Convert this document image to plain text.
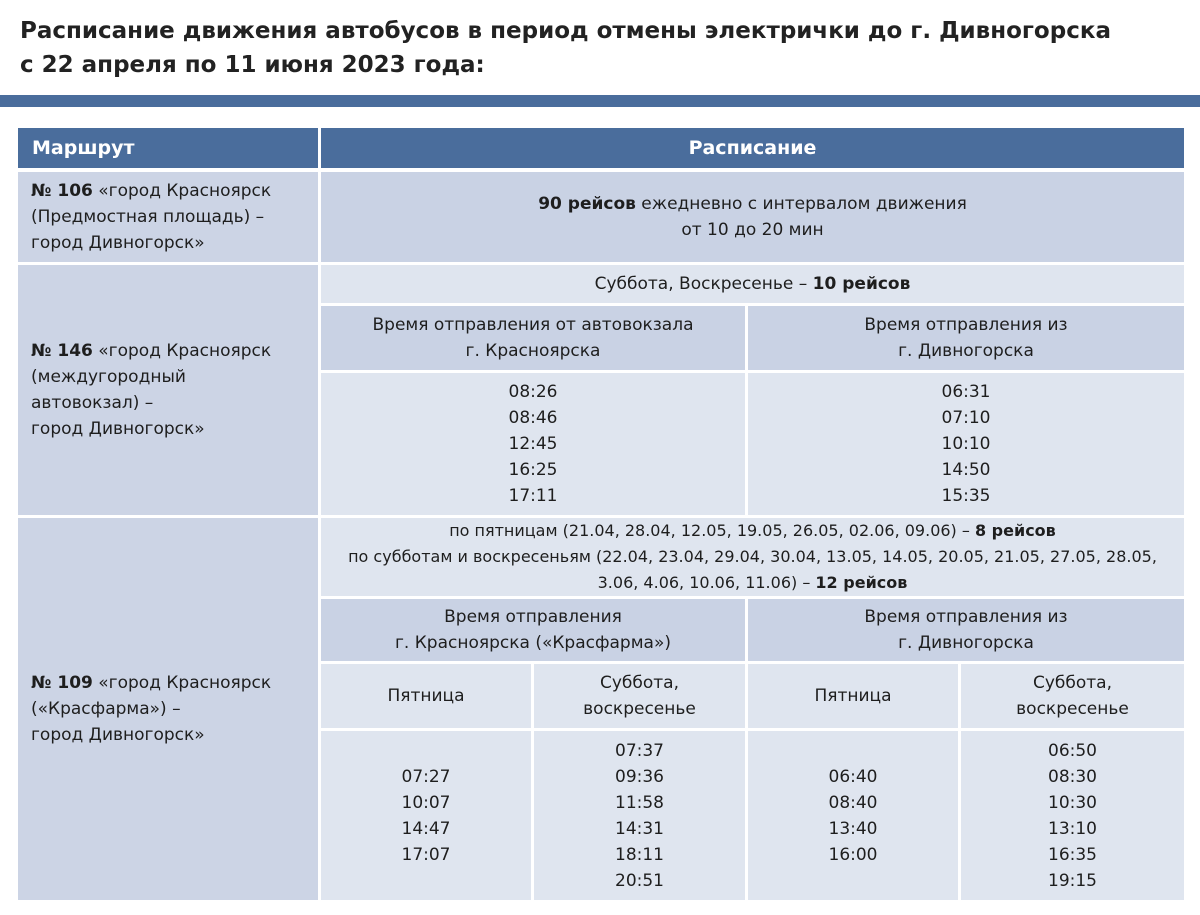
Расписание движения автобусов в период отмены электрички до г. Дивногорска
с 22 апреля по 11 июня 2023 года:
Маршрут	Расписание
№ 106 «город Красноярск
(Предмостная площадь) –
город Дивногорск»
90 рейсов ежедневно с интервалом движения
от 10 до 20 мин
№ 146 «город Красноярск
(междугородный
автовокзал) –
город Дивногорск»
Суббота, Воскресенье – 10 рейсов
Время отправления от автовокзала
г. Красноярска
Время отправления из
г. Дивногорска
08:26
08:46
12:45
16:25
17:11
06:31
07:10
10:10
14:50
15:35
№ 109 «город Красноярск
(«Красфарма») –
город Дивногорск»
по пятницам (21.04, 28.04, 12.05, 19.05, 26.05, 02.06, 09.06) – 8 рейсов
по субботам и воскресеньям (22.04, 23.04, 29.04, 30.04, 13.05, 14.05, 20.05, 21.05, 27.05, 28.05,
3.06, 4.06, 10.06, 11.06) – 12 рейсов
Время отправления
г. Красноярска («Красфарма»)
Время отправления из
г. Дивногорска
Пятница
Суббота,
воскресенье
Пятница
Суббота,
воскресенье
07:27
10:07
14:47
17:07
07:37
09:36
11:58
14:31
18:11
20:51
06:40
08:40
13:40
16:00
06:50
08:30
10:30
13:10
16:35
19:15
